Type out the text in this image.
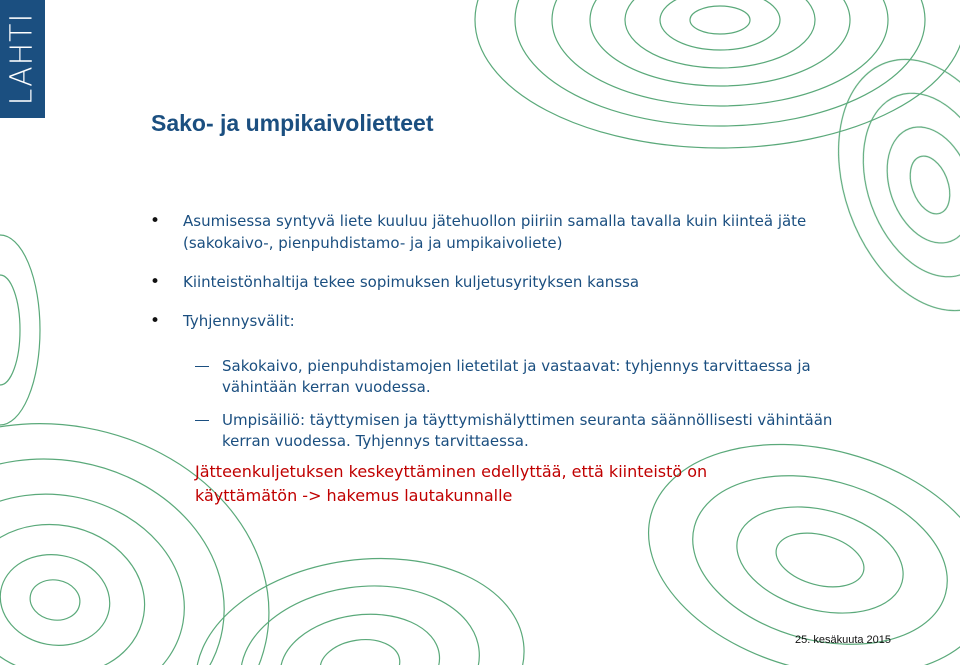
LAHTI
Sako- ja umpikaivolietteet
• Asumisessa syntyvä liete kuuluu jätehuollon piiriin samalla tavalla kuin kiinteä jäte (sakokaivo-, pienpuhdistamo- ja ja umpikaivoliete)
• Kiinteistönhaltija tekee sopimuksen kuljetusyrityksen kanssa
• Tyhjennysvälit:
Sakokaivo, pienpuhdistamojen lietetilat ja vastaavat: tyhjennys tarvittaessa ja vähintään kerran vuodessa.
Umpisäiliö: täyttymisen ja täyttymishälyttimen seuranta säännöllisesti vähintään kerran vuodessa. Tyhjennys tarvittaessa.

Jätteenkuljetuksen keskeyttäminen edellyttää, että kiinteistö on käyttämätön -> hakemus lautakunnalle

25. kesäkuuta 2015
